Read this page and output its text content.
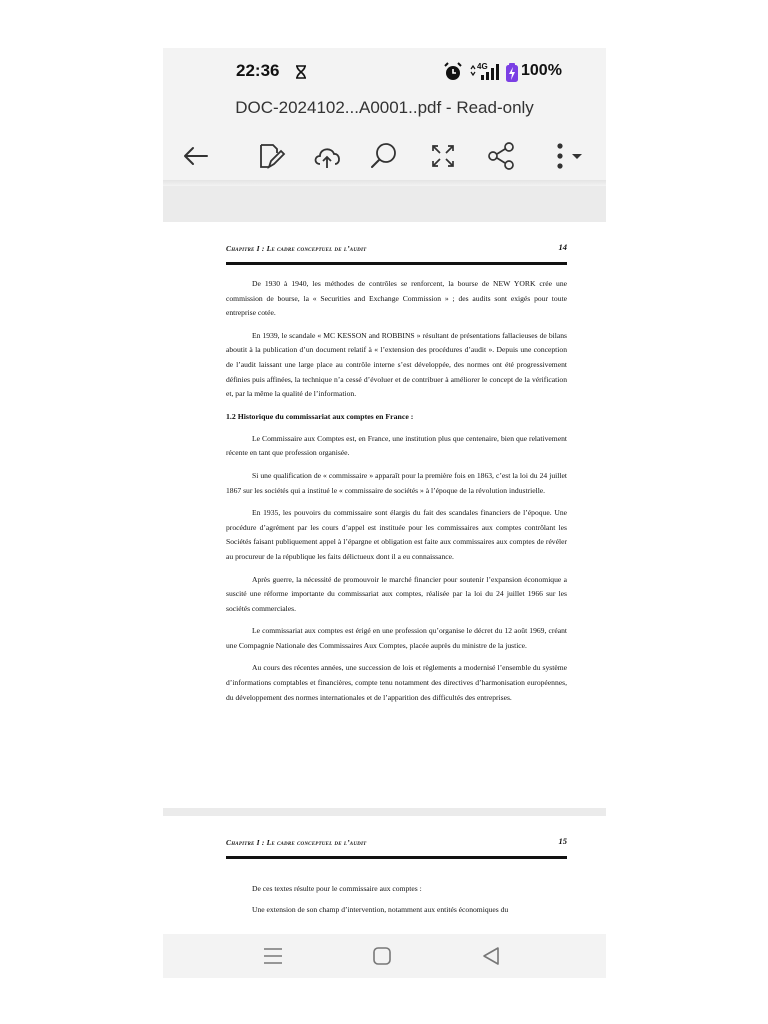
22:36	4G 100%
DOC-2024102...A0001..pdf - Read-only
Chapitre I : Le cadre conceptuel de l’audit	14

De 1930 à 1940, les méthodes de contrôles se renforcent, la bourse de NEW YORK crée une commission de bourse, la « Securities and Exchange Commission » ; des audits sont exigés pour toute entreprise cotée.

En 1939, le scandale « MC KESSON and ROBBINS » résultant de présentations fallacieuses de bilans aboutit à la publication d’un document relatif à « l’extension des procédures d’audit ». Depuis une conception de l’audit laissant une large place au contrôle interne s’est développée, des normes ont été progressivement définies puis affinées, la technique n’a cessé d’évoluer et de contribuer à améliorer le concept de la vérification et, par la même la qualité de l’information.

1.2 Historique du commissariat aux comptes en France :

Le Commissaire aux Comptes est, en France, une institution plus que centenaire, bien que relativement récente en tant que profession organisée.

Si une qualification de « commissaire » apparaît pour la première fois en 1863, c’est la loi du 24 juillet 1867 sur les sociétés qui a institué le « commissaire de sociétés » à l’époque de la révolution industrielle.

En 1935, les pouvoirs du commissaire sont élargis du fait des scandales financiers de l’époque. Une procédure d’agrément par les cours d’appel est instituée pour les commissaires aux comptes contrôlant les Sociétés faisant publiquement appel à l’épargne et obligation est faite aux commissaires aux comptes de révéler au procureur de la république les faits délictueux dont il a eu connaissance.

Après guerre, la nécessité de promouvoir le marché financier pour soutenir l’expansion économique a suscité une réforme importante du commissariat aux comptes, réalisée par la loi du 24 juillet 1966 sur les sociétés commerciales.

Le commissariat aux comptes est érigé en une profession qu’organise le décret du 12 août 1969, créant une Compagnie Nationale des Commissaires Aux Comptes, placée auprès du ministre de la justice.

Au cours des récentes années, une succession de lois et règlements a modernisé l’ensemble du système d’informations comptables et financières, compte tenu notamment des directives d’harmonisation européennes, du développement des normes internationales et de l’apparition des difficultés des entreprises.

Chapitre I : Le cadre conceptuel de l’audit	15

De ces textes résulte pour le commissaire aux comptes :

Une extension de son champ d’intervention, notamment aux entités économiques du
